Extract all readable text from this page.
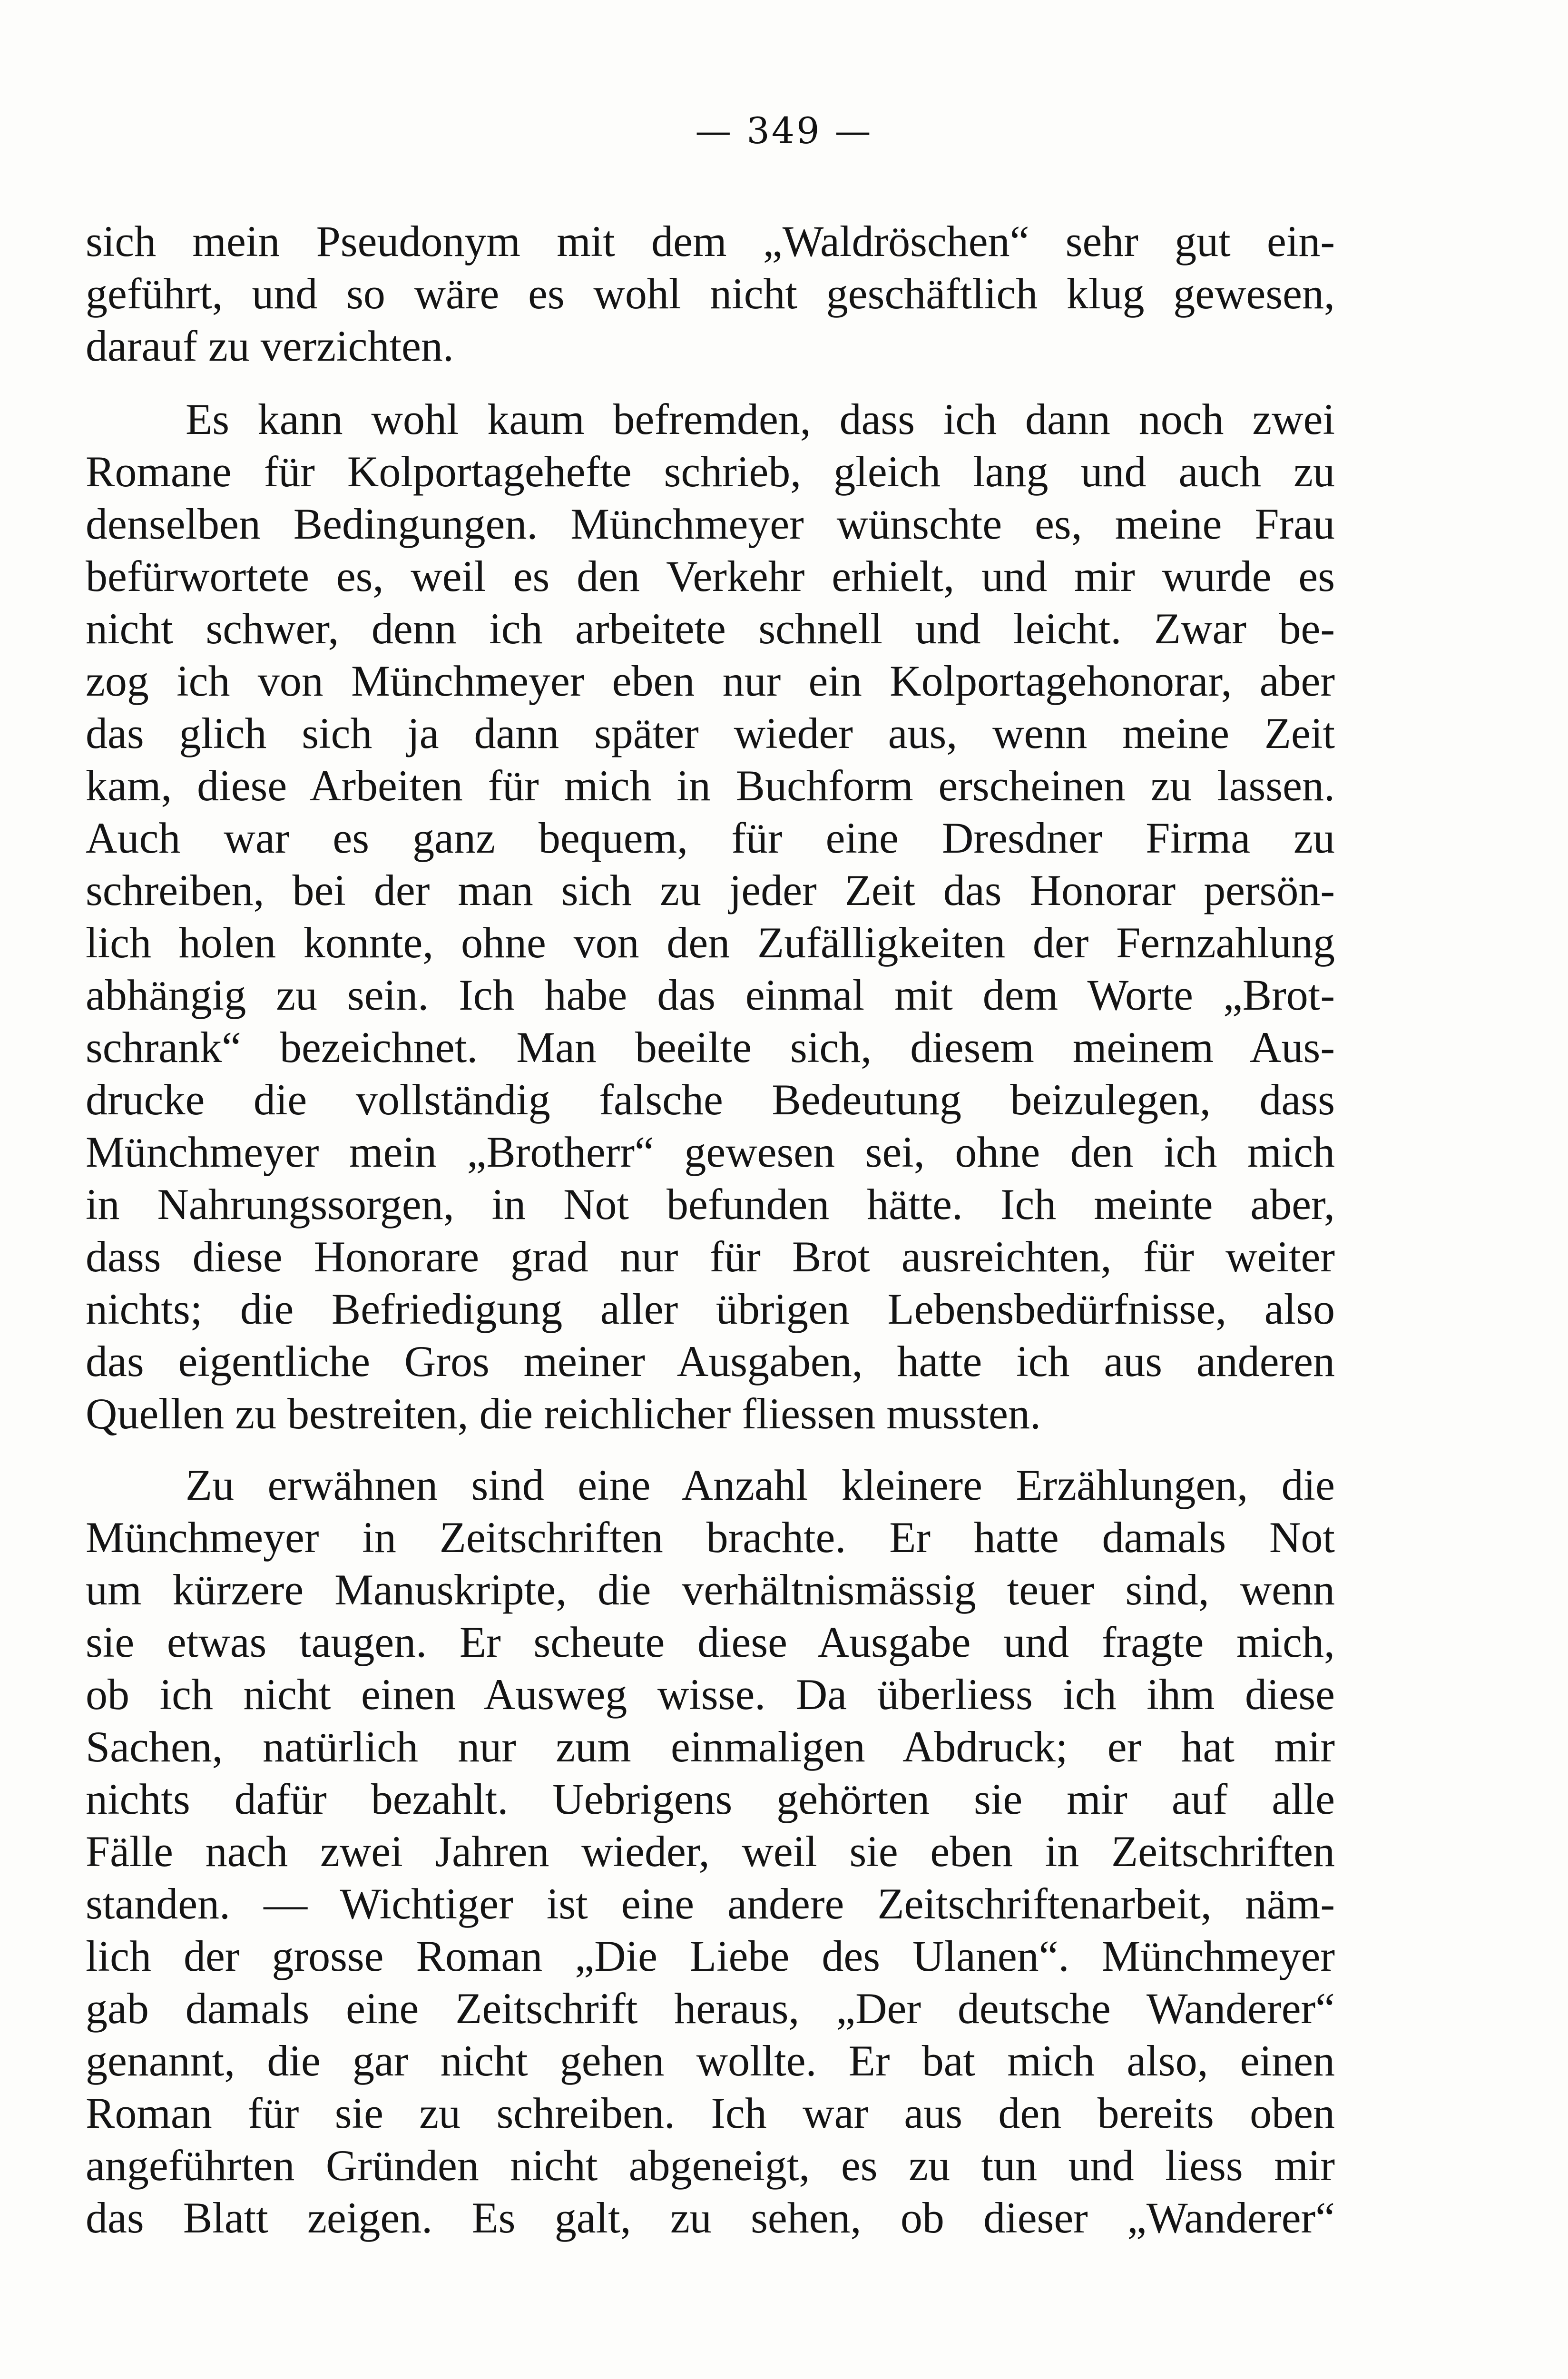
— 349 —
sich mein Pseudonym mit dem „Waldröschen“ sehr gut ein-
geführt, und so wäre es wohl nicht geschäftlich klug gewesen,
darauf zu verzichten.
Es kann wohl kaum befremden, dass ich dann noch zwei
Romane für Kolportagehefte schrieb, gleich lang und auch zu
denselben Bedingungen. Münchmeyer wünschte es, meine Frau
befürwortete es, weil es den Verkehr erhielt, und mir wurde es
nicht schwer, denn ich arbeitete schnell und leicht. Zwar be-
zog ich von Münchmeyer eben nur ein Kolportagehonorar, aber
das glich sich ja dann später wieder aus, wenn meine Zeit
kam, diese Arbeiten für mich in Buchform erscheinen zu lassen.
Auch war es ganz bequem, für eine Dresdner Firma zu
schreiben, bei der man sich zu jeder Zeit das Honorar persön-
lich holen konnte, ohne von den Zufälligkeiten der Fernzahlung
abhängig zu sein. Ich habe das einmal mit dem Worte „Brot-
schrank“ bezeichnet. Man beeilte sich, diesem meinem Aus-
drucke die vollständig falsche Bedeutung beizulegen, dass
Münchmeyer mein „Brotherr“ gewesen sei, ohne den ich mich
in Nahrungssorgen, in Not befunden hätte. Ich meinte aber,
dass diese Honorare grad nur für Brot ausreichten, für weiter
nichts; die Befriedigung aller übrigen Lebensbedürfnisse, also
das eigentliche Gros meiner Ausgaben, hatte ich aus anderen
Quellen zu bestreiten, die reichlicher fliessen mussten.
Zu erwähnen sind eine Anzahl kleinere Erzählungen, die
Münchmeyer in Zeitschriften brachte. Er hatte damals Not
um kürzere Manuskripte, die verhältnismässig teuer sind, wenn
sie etwas taugen. Er scheute diese Ausgabe und fragte mich,
ob ich nicht einen Ausweg wisse. Da überliess ich ihm diese
Sachen, natürlich nur zum einmaligen Abdruck; er hat mir
nichts dafür bezahlt. Uebrigens gehörten sie mir auf alle
Fälle nach zwei Jahren wieder, weil sie eben in Zeitschriften
standen. — Wichtiger ist eine andere Zeitschriftenarbeit, näm-
lich der grosse Roman „Die Liebe des Ulanen“. Münchmeyer
gab damals eine Zeitschrift heraus, „Der deutsche Wanderer“
genannt, die gar nicht gehen wollte. Er bat mich also, einen
Roman für sie zu schreiben. Ich war aus den bereits oben
angeführten Gründen nicht abgeneigt, es zu tun und liess mir
das Blatt zeigen. Es galt, zu sehen, ob dieser „Wanderer“
